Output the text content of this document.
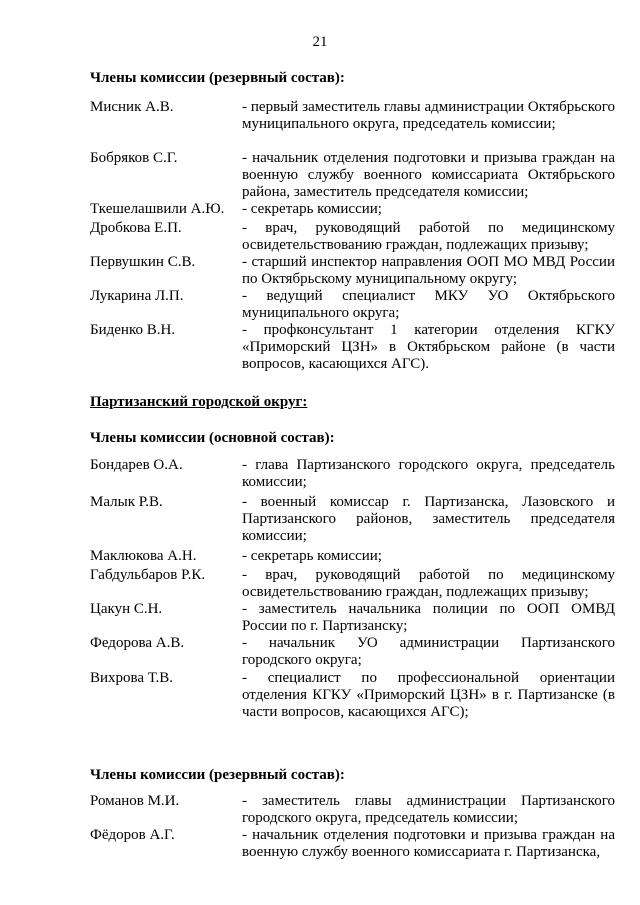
21
Члены комиссии (резервный состав):
Мисник А.В.	- первый заместитель главы администрации Октябрьского муниципального округа, председатель комиссии;
Бобряков С.Г.	- начальник отделения подготовки и призыва граждан на военную службу военного комиссариата Октябрьского района, заместитель председателя комиссии;
Ткешелашвили А.Ю. - секретарь комиссии;
Дробкова Е.П.	- врач, руководящий работой по медицинскому освидетельствованию граждан, подлежащих призыву;
Первушкин С.В.	- старший инспектор направления ООП МО МВД России по Октябрьскому муниципальному округу;
Лукарина Л.П.	- ведущий специалист МКУ УО Октябрьского муниципального округа;
Биденко В.Н.	- профконсультант 1 категории отделения КГКУ «Приморский ЦЗН» в Октябрьском районе (в части вопросов, касающихся АГС).
Партизанский городской округ:
Члены комиссии (основной состав):
Бондарев О.А.	- глава Партизанского городского округа, председатель комиссии;
Малык Р.В.	- военный комиссар г. Партизанска, Лазовского и Партизанского районов, заместитель председателя комиссии;
Маклюкова А.Н.	- секретарь комиссии;
Габдульбаров Р.К. - врач, руководящий работой по медицинскому освидетельствованию граждан, подлежащих призыву;
Цакун С.Н.	- заместитель начальника полиции по ООП ОМВД России по г. Партизанску;
Федорова А.В.	- начальник УО администрации Партизанского городского округа;
Вихрова Т.В.	- специалист по профессиональной ориентации отделения КГКУ «Приморский ЦЗН» в г. Партизанске (в части вопросов, касающихся АГС);
Члены комиссии (резервный состав):
Романов М.И.	- заместитель главы администрации Партизанского городского округа, председатель комиссии;
Фёдоров А.Г.	- начальник отделения подготовки и призыва граждан на военную службу военного комиссариата г. Партизанска,
